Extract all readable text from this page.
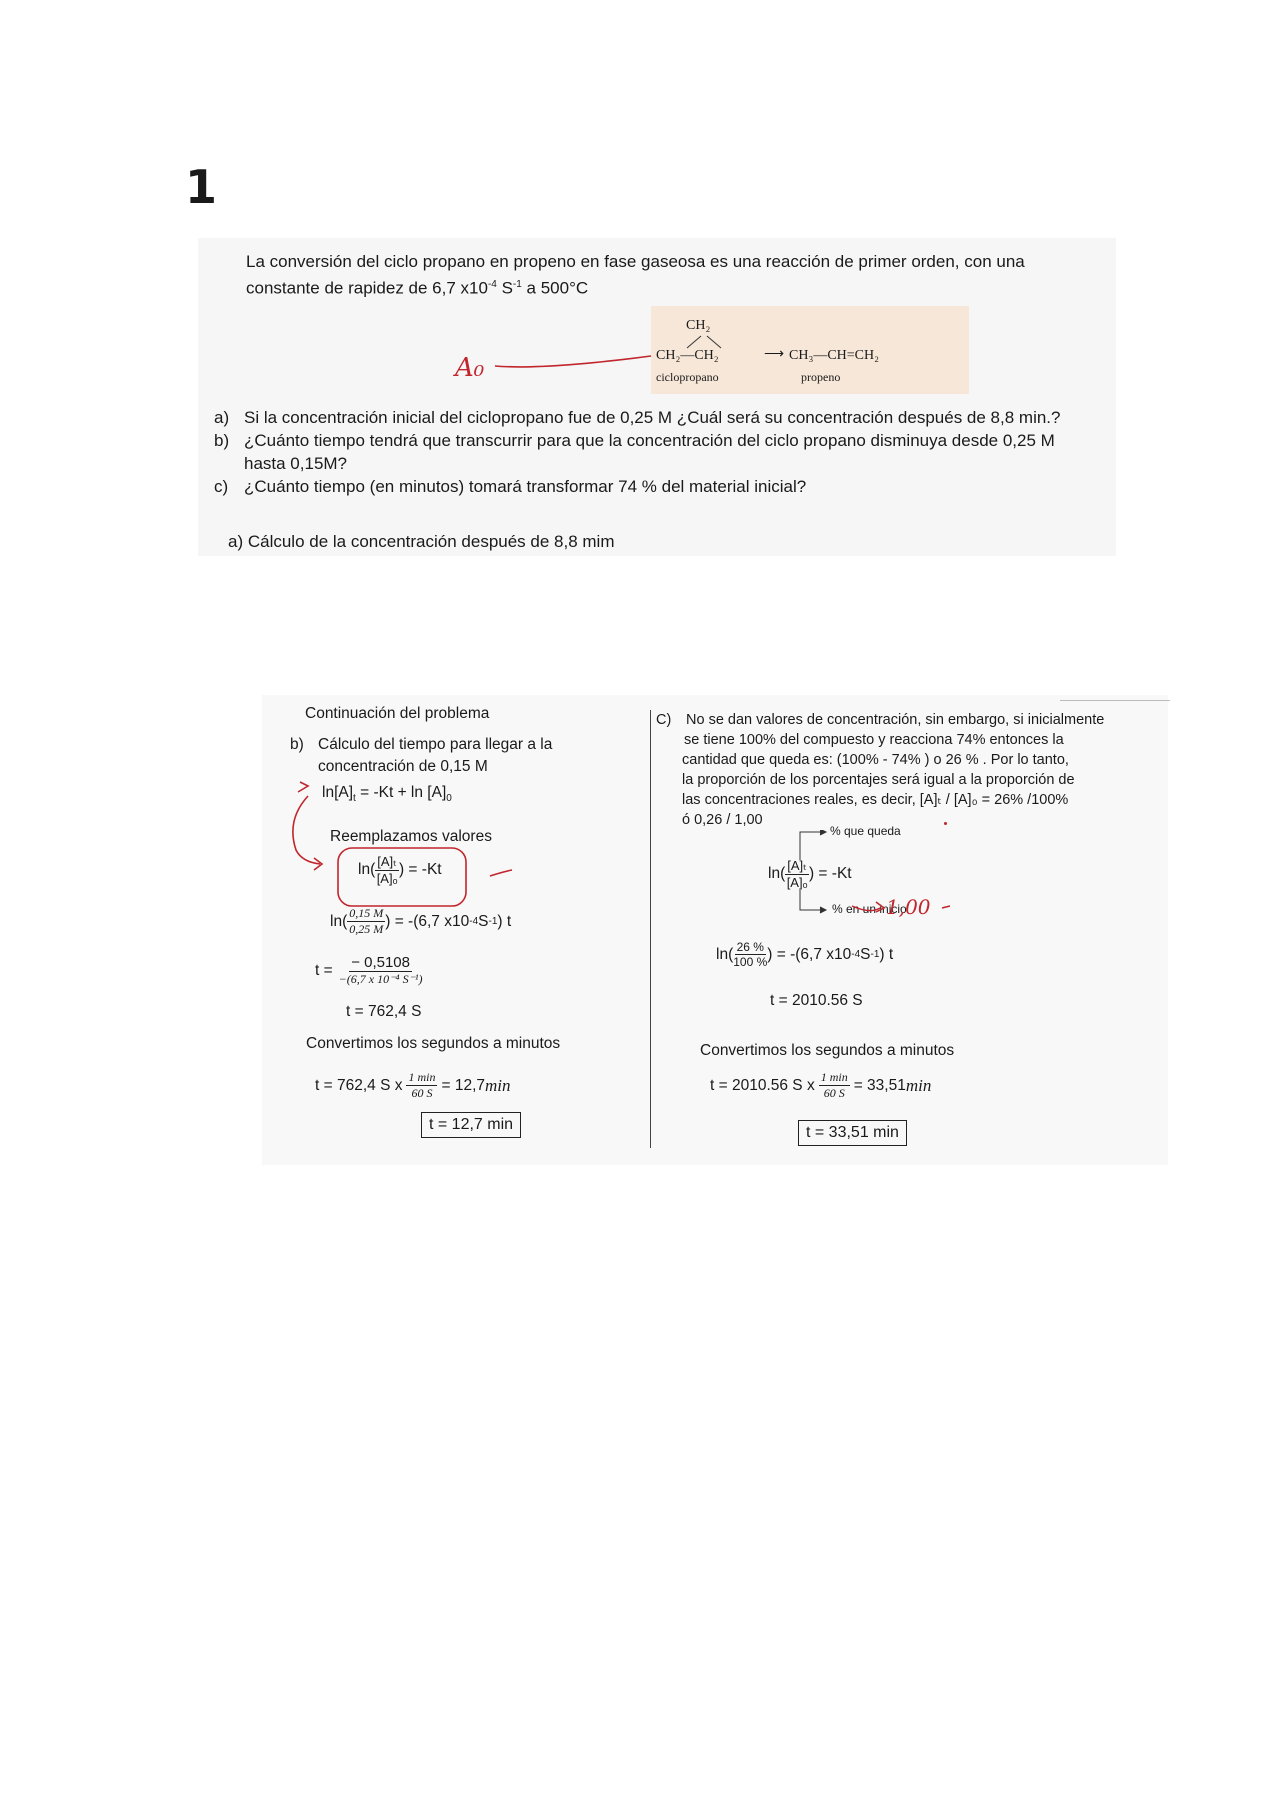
1
La conversión del ciclo propano en propeno en fase gaseosa es una reacción de primer orden, con una
constante de rapidez de 6,7 $x10^{-4}$ $S^{-1}$ a 500°C
CH₂
CH₂—CH₂	⟶ CH₃—CH=CH₂
ciclopropano	propeno
A₀
a) Si la concentración inicial del ciclopropano fue de 0,25 M ¿Cuál será su concentración después de 8,8 min.?
b) ¿Cuánto tiempo tendrá que transcurrir para que la concentración del ciclo propano disminuya desde 0,25 M
hasta 0,15M?
c) ¿Cuánto tiempo (en minutos) tomará transformar 74 % del material inicial?
a) Cálculo de la concentración después de 8,8 mim
Continuación del problema
b) Cálculo del tiempo para llegar a la
concentración de 0,15 M
$\ln[A]_t = -Kt + \ln [A]_0$
Reemplazamos valores
$\ln( \frac{\text{[A]ₜ}}{\text{[A]ₒ}}$ ) = -Kt
$\ln( \frac{0,15 M}{0,25 M}$ ) = -(6,7 x10 -4 S -1 ) t
$t = \frac{- 0,5108}{\text{−(6,7 x 10⁻⁴ S⁻¹)}}$
t = 762,4 S
Convertimos los segundos a minutos
t = 762,4 S x $\frac{1 \min}{60 S} = 12,7$ min
t = 12,7 min
C) No se dan valores de concentración, sin embargo, si inicialmente
se tiene 100% del compuesto y reacciona 74% entonces la
cantidad que queda es: (100% - 74% ) o 26 % . Por lo tanto,
la proporción de los porcentajes será igual a la proporción de
las concentraciones reales, es decir, [A]ₜ / [A]₀ = 26% /100%
ó 0,26 / 1,00
% que queda
% en un inicio
$\ln( \frac{\text{[A]ₜ}}{\text{[A]ₒ}}$ ) = -Kt
1,00
$\ln( \frac{26 \%}{100 \%}$ ) = -(6,7 x10 -4 S -1 ) t
t = 2010.56 S
Convertimos los segundos a minutos
t = 2010.56 S x $\frac{1 \min}{60 S} = 33,51$ min
t = 33,51 min
